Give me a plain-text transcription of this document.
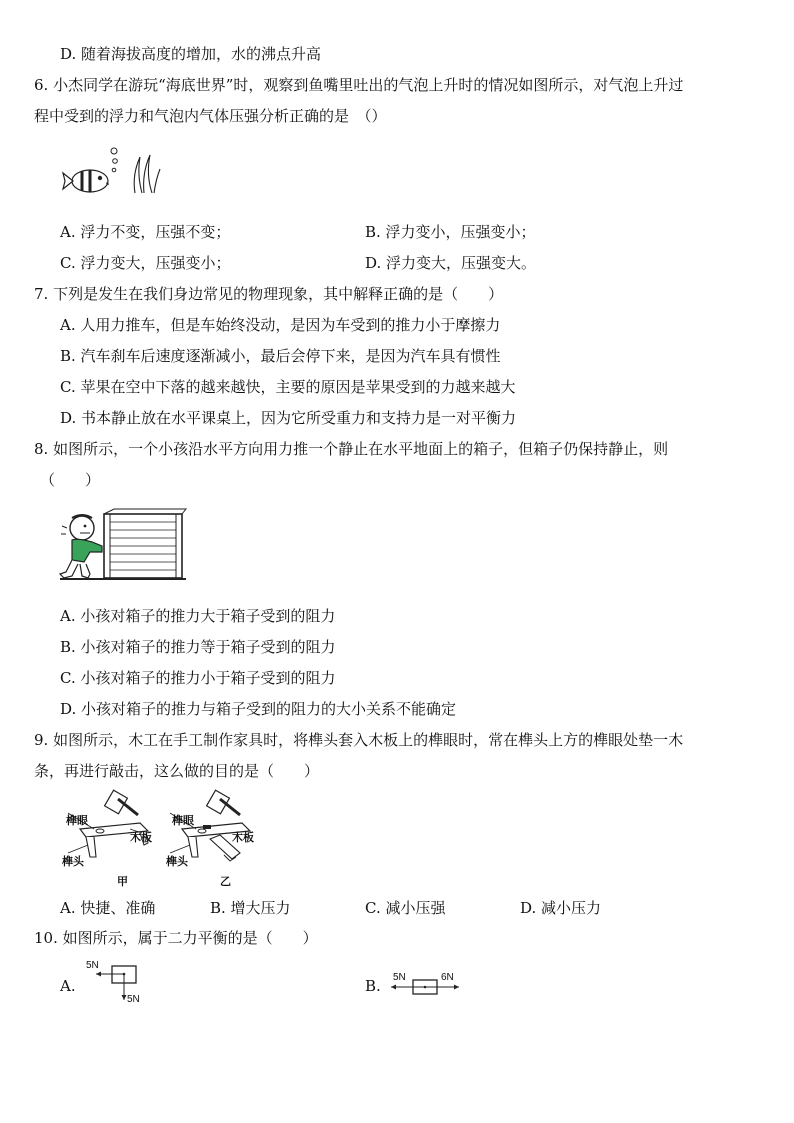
D. 随着海拔高度的增加，水的沸点升高
6. 小杰同学在游玩“海底世界”时，观察到鱼嘴里吐出的气泡上升时的情况如图所示，对气泡上升过
程中受到的浮力和气泡内气体压强分析正确的是　（）
A. 浮力不变，压强不变；	B. 浮力变小，压强变小；
C. 浮力变大，压强变小；	D. 浮力变大，压强变大。
7. 下列是发生在我们身边常见的物理现象，其中解释正确的是（　　）
A. 人用力推车，但是车始终没动，是因为车受到的推力小于摩擦力
B. 汽车刹车后速度逐渐减小，最后会停下来，是因为汽车具有惯性
C. 苹果在空中下落的越来越快，主要的原因是苹果受到的力越来越大
D. 书本静止放在水平课桌上，因为它所受重力和支持力是一对平衡力
8. 如图所示，一个小孩沿水平方向用力推一个静止在水平地面上的箱子，但箱子仍保持静止，则
（　　）
A. 小孩对箱子的推力大于箱子受到的阻力
B. 小孩对箱子的推力等于箱子受到的阻力
C. 小孩对箱子的推力小于箱子受到的阻力
D. 小孩对箱子的推力与箱子受到的阻力的大小关系不能确定
9. 如图所示，木工在手工制作家具时，将榫头套入木板上的榫眼时，常在榫头上方的榫眼处垫一木
条，再进行敲击，这么做的目的是（　　）
榫眼
木板
榫头
甲
榫眼
木板
榫头
乙
A. 快捷、准确	B. 增大压力	C. 减小压强	D. 减小压力
10. 如图所示，属于二力平衡的是（　　）
A.
5N
5N
B. 5N	6N
